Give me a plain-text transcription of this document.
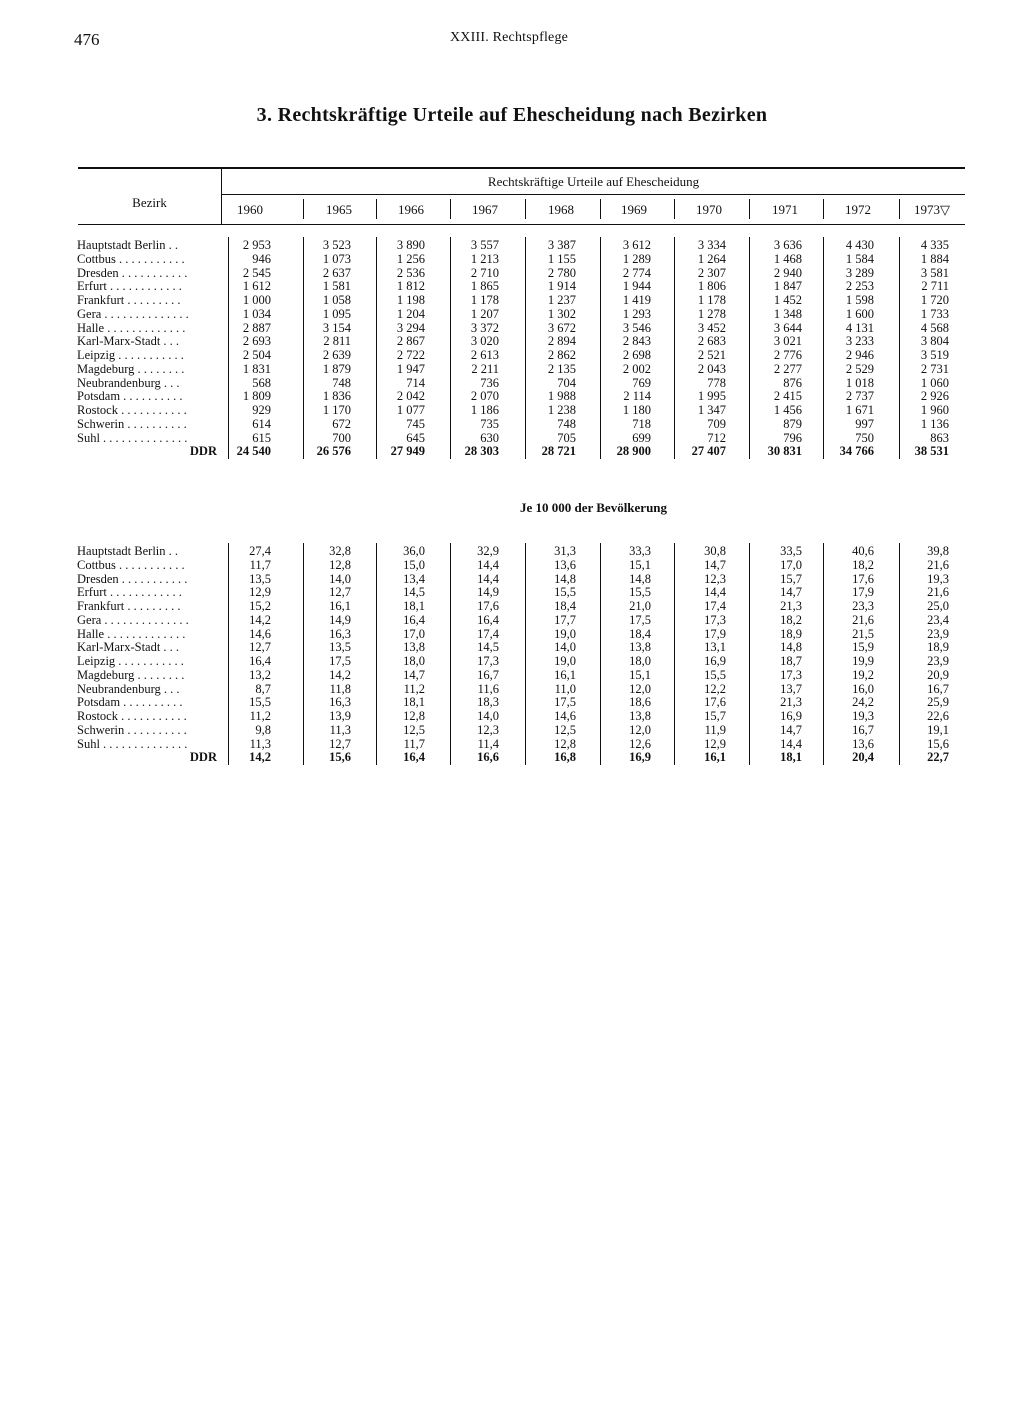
476	XXIII. Rechtspflege
3. Rechtskräftige Urteile auf Ehescheidung nach Bezirken
Bezirk
Rechtskräftige Urteile auf Ehescheidung
1960	1965	1966	1967	1968	1969	1970	1971	1972	1973▽
Hauptstadt Berlin . .	2 953	3 523	3 890	3 557	3 387	3 612	3 334	3 636	4 430	4 335
Cottbus . . . . . . . . . . .	946	1 073	1 256	1 213	1 155	1 289	1 264	1 468	1 584	1 884
Dresden . . . . . . . . . . .	2 545	2 637	2 536	2 710	2 780	2 774	2 307	2 940	3 289	3 581
Erfurt . . . . . . . . . . . .	1 612	1 581	1 812	1 865	1 914	1 944	1 806	1 847	2 253	2 711
Frankfurt . . . . . . . . .	1 000	1 058	1 198	1 178	1 237	1 419	1 178	1 452	1 598	1 720
Gera . . . . . . . . . . . . . .	1 034	1 095	1 204	1 207	1 302	1 293	1 278	1 348	1 600	1 733
Halle . . . . . . . . . . . . .	2 887	3 154	3 294	3 372	3 672	3 546	3 452	3 644	4 131	4 568
Karl-Marx-Stadt . . .	2 693	2 811	2 867	3 020	2 894	2 843	2 683	3 021	3 233	3 804
Leipzig . . . . . . . . . . .	2 504	2 639	2 722	2 613	2 862	2 698	2 521	2 776	2 946	3 519
Magdeburg . . . . . . . .	1 831	1 879	1 947	2 211	2 135	2 002	2 043	2 277	2 529	2 731
Neubrandenburg . . .	568	748	714	736	704	769	778	876	1 018	1 060
Potsdam . . . . . . . . . .	1 809	1 836	2 042	2 070	1 988	2 114	1 995	2 415	2 737	2 926
Rostock . . . . . . . . . . .	929	1 170	1 077	1 186	1 238	1 180	1 347	1 456	1 671	1 960
Schwerin . . . . . . . . . .	614	672	745	735	748	718	709	879	997	1 136
Suhl . . . . . . . . . . . . . .	615	700	645	630	705	699	712	796	750	863
DDR	24 540	26 576	27 949	28 303	28 721	28 900	27 407	30 831	34 766	38 531
Je 10 000 der Bevölkerung
Hauptstadt Berlin . .	27,4	32,8	36,0	32,9	31,3	33,3	30,8	33,5	40,6	39,8
Cottbus . . . . . . . . . . .	11,7	12,8	15,0	14,4	13,6	15,1	14,7	17,0	18,2	21,6
Dresden . . . . . . . . . . .	13,5	14,0	13,4	14,4	14,8	14,8	12,3	15,7	17,6	19,3
Erfurt . . . . . . . . . . . .	12,9	12,7	14,5	14,9	15,5	15,5	14,4	14,7	17,9	21,6
Frankfurt . . . . . . . . .	15,2	16,1	18,1	17,6	18,4	21,0	17,4	21,3	23,3	25,0
Gera . . . . . . . . . . . . . .	14,2	14,9	16,4	16,4	17,7	17,5	17,3	18,2	21,6	23,4
Halle . . . . . . . . . . . . .	14,6	16,3	17,0	17,4	19,0	18,4	17,9	18,9	21,5	23,9
Karl-Marx-Stadt . . .	12,7	13,5	13,8	14,5	14,0	13,8	13,1	14,8	15,9	18,9
Leipzig . . . . . . . . . . .	16,4	17,5	18,0	17,3	19,0	18,0	16,9	18,7	19,9	23,9
Magdeburg . . . . . . . .	13,2	14,2	14,7	16,7	16,1	15,1	15,5	17,3	19,2	20,9
Neubrandenburg . . .	8,7	11,8	11,2	11,6	11,0	12,0	12,2	13,7	16,0	16,7
Potsdam . . . . . . . . . .	15,5	16,3	18,1	18,3	17,5	18,6	17,6	21,3	24,2	25,9
Rostock . . . . . . . . . . .	11,2	13,9	12,8	14,0	14,6	13,8	15,7	16,9	19,3	22,6
Schwerin . . . . . . . . . .	9,8	11,3	12,5	12,3	12,5	12,0	11,9	14,7	16,7	19,1
Suhl . . . . . . . . . . . . . .	11,3	12,7	11,7	11,4	12,8	12,6	12,9	14,4	13,6	15,6
DDR	14,2	15,6	16,4	16,6	16,8	16,9	16,1	18,1	20,4	22,7
